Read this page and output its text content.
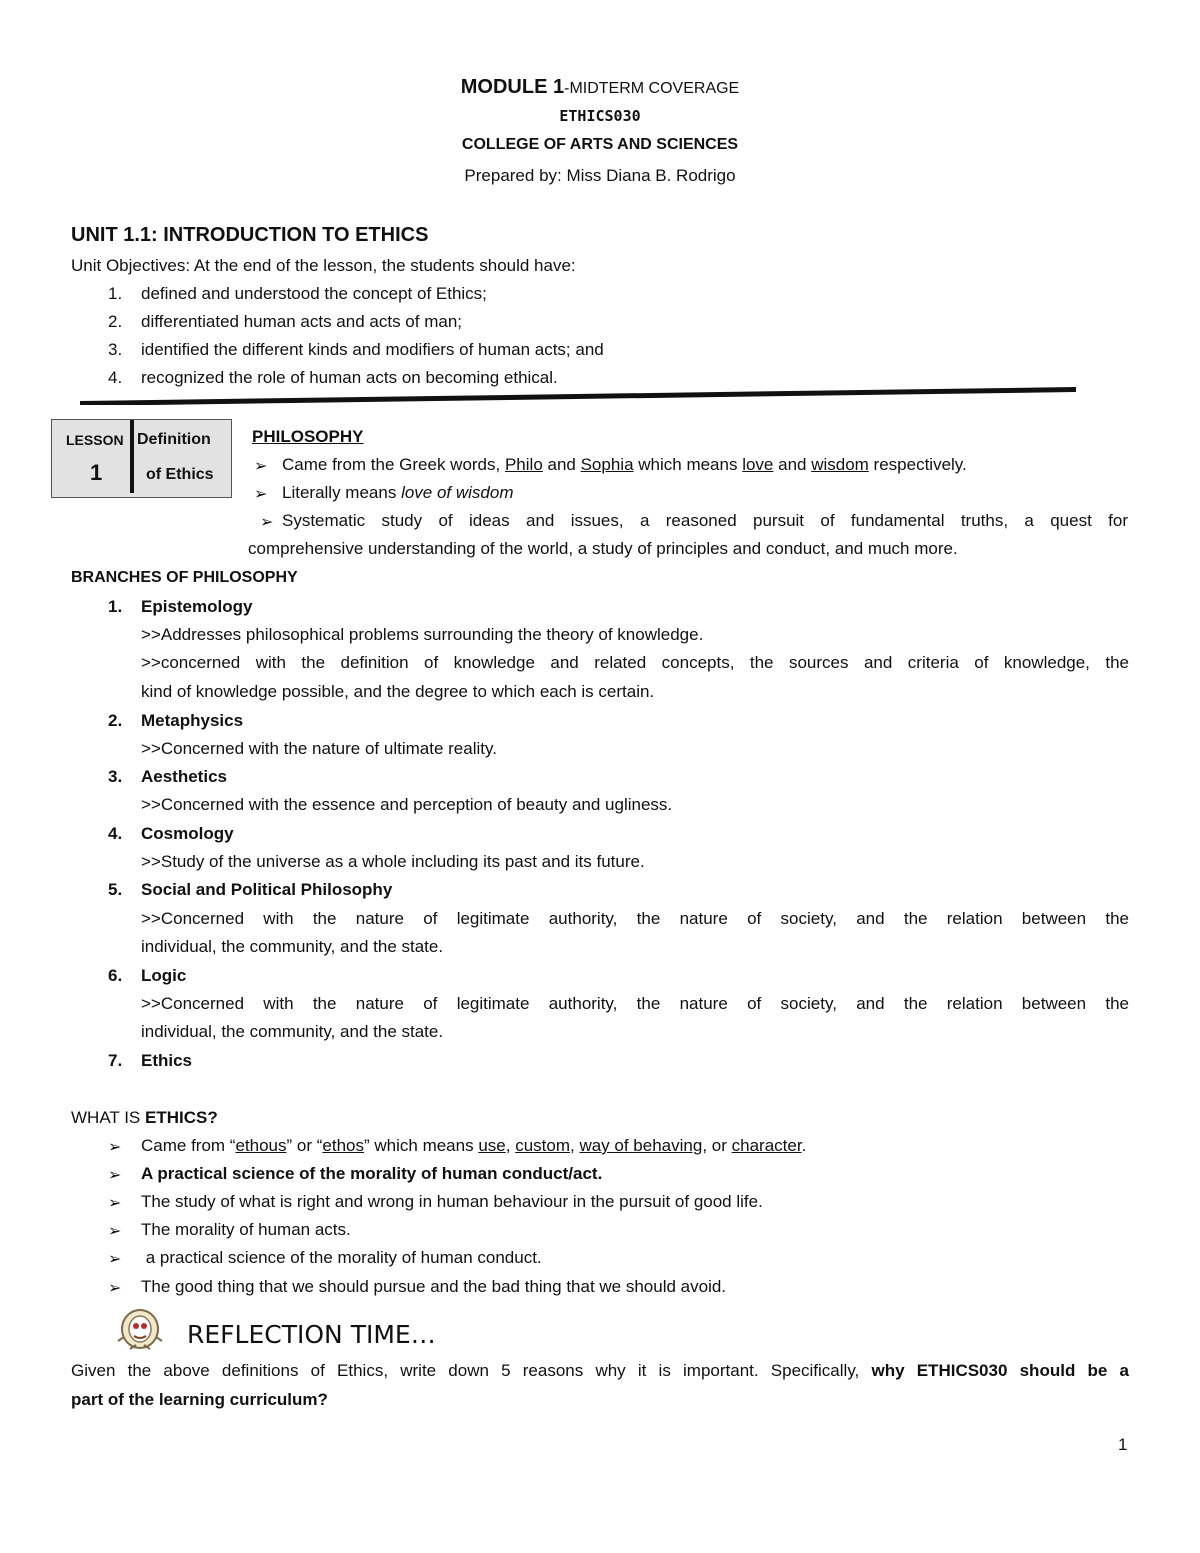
MODULE 1-MIDTERM COVERAGE
ETHICS030
COLLEGE OF ARTS AND SCIENCES
Prepared by: Miss Diana B. Rodrigo
UNIT 1.1: INTRODUCTION TO ETHICS
Unit Objectives: At the end of the lesson, the students should have:
1. defined and understood the concept of Ethics;
2. differentiated human acts and acts of man;
3. identified the different kinds and modifiers of human acts; and
4. recognized the role of human acts on becoming ethical.
LESSON
1
Definition
of Ethics
PHILOSOPHY
➢ Came from the Greek words, Philo and Sophia which means love and wisdom respectively.
➢ Literally means love of wisdom
➢ Systematic study of ideas and issues, a reasoned pursuit of fundamental truths, a quest for
comprehensive understanding of the world, a study of principles and conduct, and much more.
BRANCHES OF PHILOSOPHY
1. Epistemology
>>Addresses philosophical problems surrounding the theory of knowledge.
>>concerned with the definition of knowledge and related concepts, the sources and criteria of knowledge, the
kind of knowledge possible, and the degree to which each is certain.
2. Metaphysics
>>Concerned with the nature of ultimate reality.
3. Aesthetics
>>Concerned with the essence and perception of beauty and ugliness.
4. Cosmology
>>Study of the universe as a whole including its past and its future.
5. Social and Political Philosophy
>>Concerned with the nature of legitimate authority, the nature of society, and the relation between the
individual, the community, and the state.
6. Logic
>>Concerned with the nature of legitimate authority, the nature of society, and the relation between the
individual, the community, and the state.
7. Ethics
WHAT IS ETHICS?
➢ Came from “ethous” or “ethos” which means use, custom, way of behaving, or character.
➢ A practical science of the morality of human conduct/act.
➢ The study of what is right and wrong in human behaviour in the pursuit of good life.
➢ The morality of human acts.
➢ a practical science of the morality of human conduct.
➢ The good thing that we should pursue and the bad thing that we should avoid.
REFLECTION TIME…
Given the above definitions of Ethics, write down 5 reasons why it is important. Specifically, why ETHICS030 should be a
part of the learning curriculum?
1
